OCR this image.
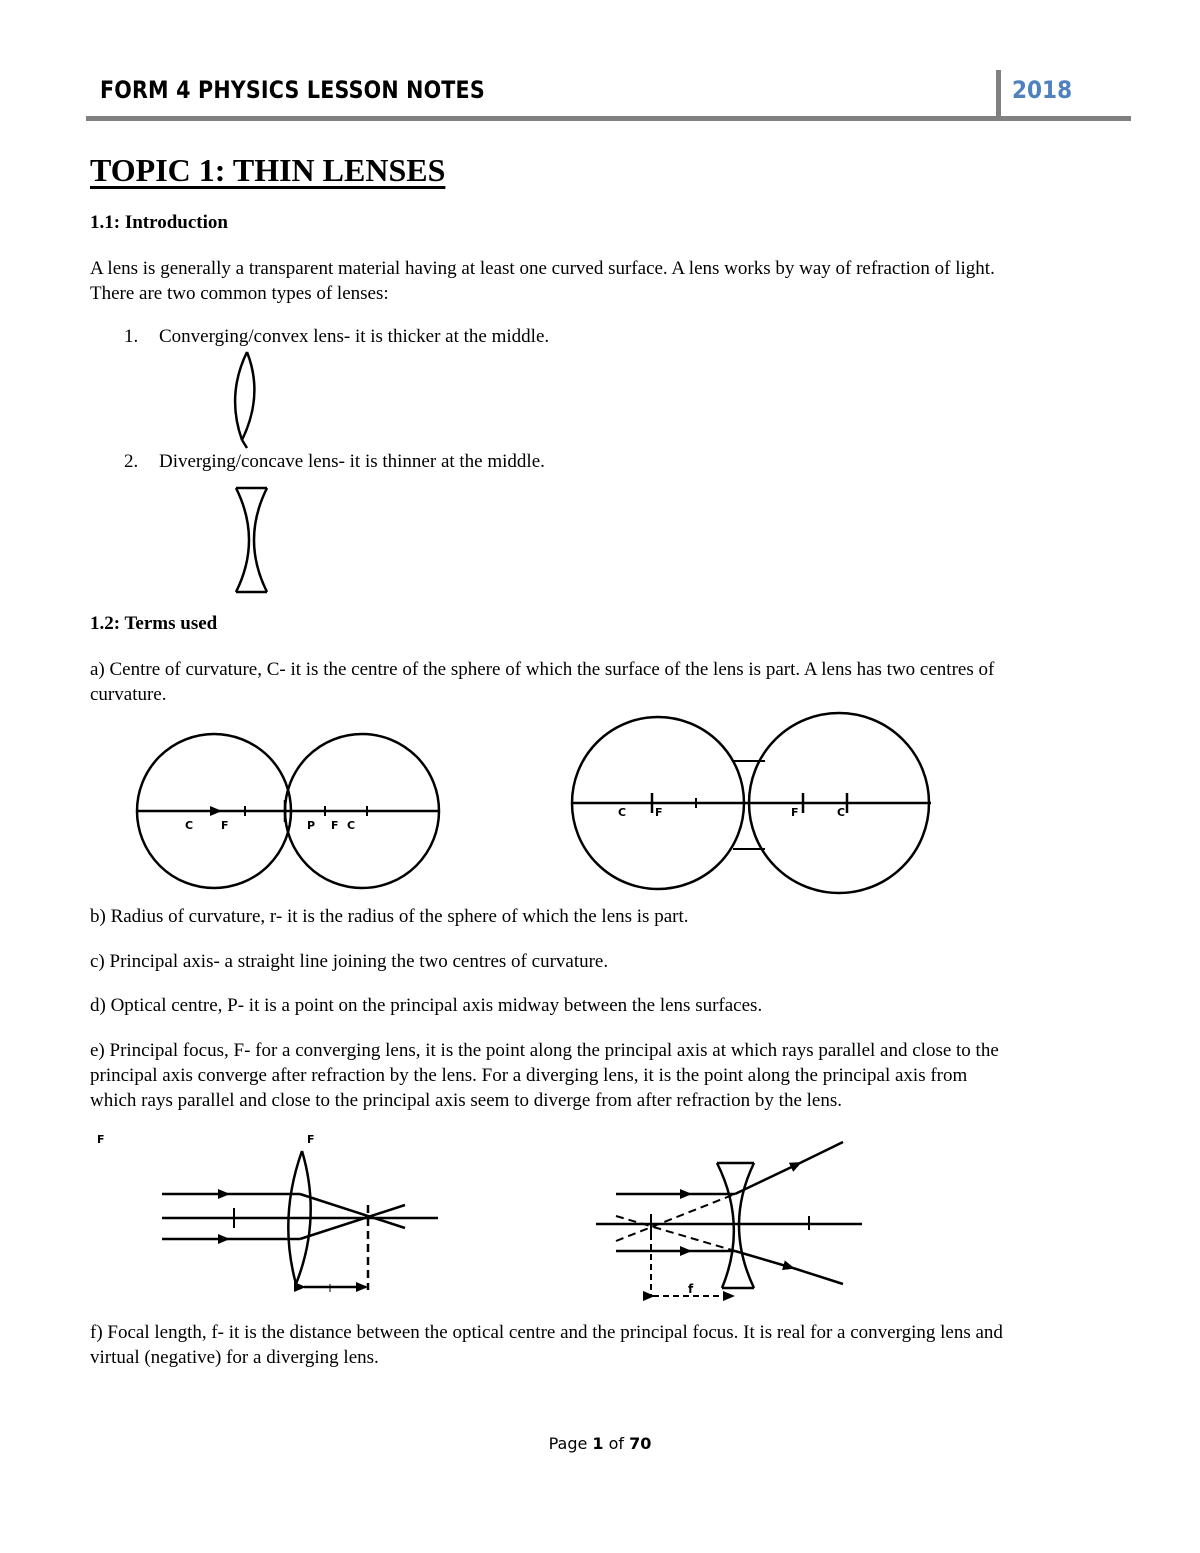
FORM 4 PHYSICS LESSON NOTES	2018
TOPIC 1: THIN LENSES
1.1: Introduction
A lens is generally a transparent material having at least one curved surface. A lens works by way of refraction of light.
There are two common types of lenses:
1. Converging/convex lens- it is thicker at the middle.
2. Diverging/concave lens- it is thinner at the middle.
1.2: Terms used
a) Centre of curvature, C- it is the centre of the sphere of which the surface of the lens is part. A lens has two centres of
curvature.
b) Radius of curvature, r- it is the radius of the sphere of which the lens is part.
c) Principal axis- a straight line joining the two centres of curvature.
d) Optical centre, P- it is a point on the principal axis midway between the lens surfaces.
e) Principal focus, F- for a converging lens, it is the point along the principal axis at which rays parallel and close to the
principal axis converge after refraction by the lens. For a diverging lens, it is the point along the principal axis from
which rays parallel and close to the principal axis seem to diverge from after refraction by the lens.
f) Focal length, f- it is the distance between the optical centre and the principal focus. It is real for a converging lens and
virtual (negative) for a diverging lens.
C	F	P F C
C	F	F	C
F	F
f
Page 1 of 70
